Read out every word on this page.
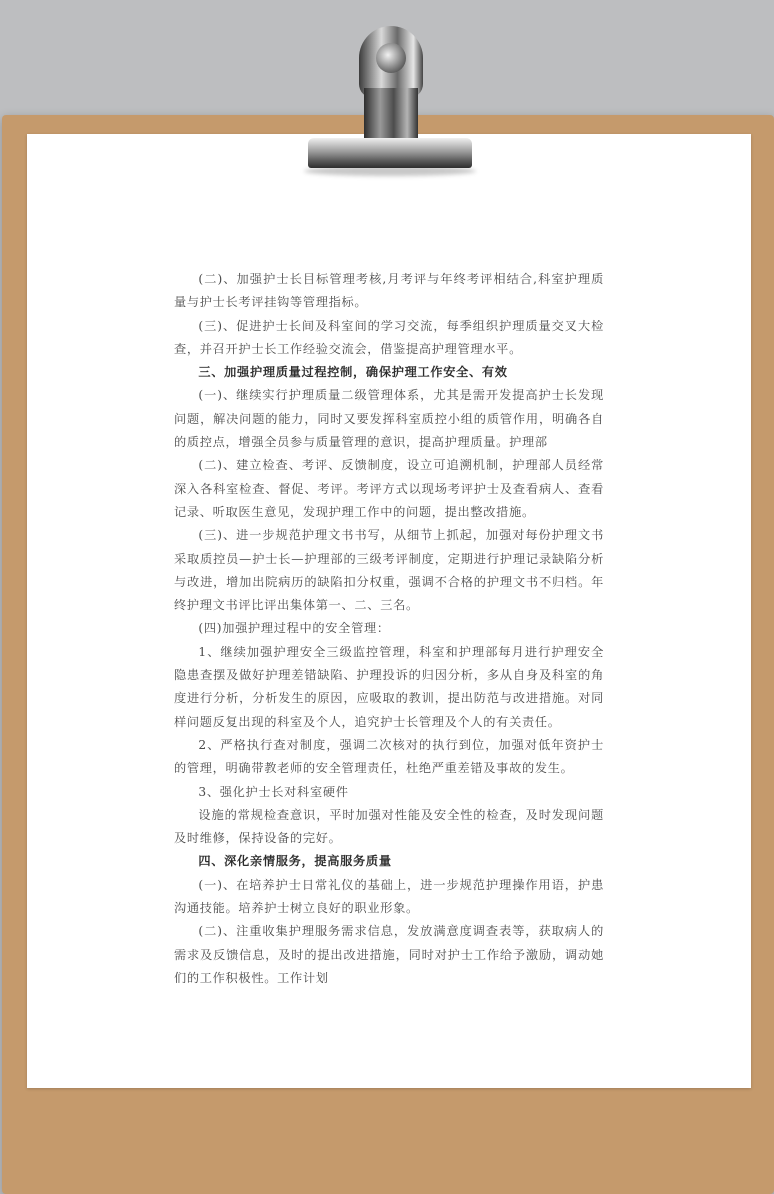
(二)、加强护士长目标管理考核,月考评与年终考评相结合,科室护理质量与护士长考评挂钩等管理指标。

(三)、促进护士长间及科室间的学习交流，每季组织护理质量交叉大检查，并召开护士长工作经验交流会，借鉴提高护理管理水平。

三、加强护理质量过程控制，确保护理工作安全、有效

(一)、继续实行护理质量二级管理体系，尤其是需开发提高护士长发现问题，解决问题的能力，同时又要发挥科室质控小组的质管作用，明确各自的质控点，增强全员参与质量管理的意识，提高护理质量。护理部

(二)、建立检查、考评、反馈制度，设立可追溯机制，护理部人员经常深入各科室检查、督促、考评。考评方式以现场考评护士及查看病人、查看记录、听取医生意见，发现护理工作中的问题，提出整改措施。

(三)、进一步规范护理文书书写，从细节上抓起，加强对每份护理文书采取质控员—护士长—护理部的三级考评制度，定期进行护理记录缺陷分析与改进，增加出院病历的缺陷扣分权重，强调不合格的护理文书不归档。年终护理文书评比评出集体第一、二、三名。

(四)加强护理过程中的安全管理：

1、继续加强护理安全三级监控管理，科室和护理部每月进行护理安全隐患查摆及做好护理差错缺陷、护理投诉的归因分析，多从自身及科室的角度进行分析，分析发生的原因，应吸取的教训，提出防范与改进措施。对同样问题反复出现的科室及个人，追究护士长管理及个人的有关责任。

2、严格执行查对制度，强调二次核对的执行到位，加强对低年资护士的管理，明确带教老师的安全管理责任，杜绝严重差错及事故的发生。

3、强化护士长对科室硬件

设施的常规检查意识，平时加强对性能及安全性的检查，及时发现问题及时维修，保持设备的完好。

四、深化亲情服务，提高服务质量

(一)、在培养护士日常礼仪的基础上，进一步规范护理操作用语，护患沟通技能。培养护士树立良好的职业形象。

(二)、注重收集护理服务需求信息，发放满意度调查表等，获取病人的需求及反馈信息，及时的提出改进措施，同时对护士工作给予激励，调动她们的工作积极性。工作计划
